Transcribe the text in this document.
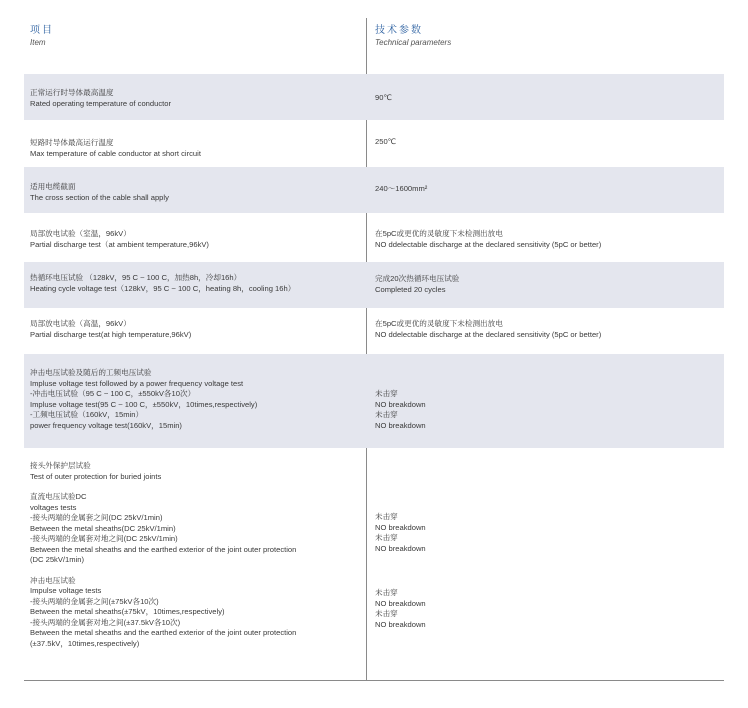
项目
Item
技术参数
Technical parameters
正常运行时导体最高温度
Rated operating temperature of conductor
90℃
短路时导体最高运行温度
Max temperature of cable conductor at short circuit
250℃
适用电缆截面
The cross section of the cable shall apply
240～1600mm²
局部放电试验（室温，96kV）
Partial discharge test（at ambient temperature,96kV)
在5pC或更优的灵敏度下未检测出放电
NO ddelectable discharge at the declared sensitivity (5pC or better)
热循环电压试验 （128kV，95 C ~ 100 C，加热8h，冷却16h）
Heating cycle voltage test（128kV，95 C ~ 100 C，heating 8h，cooling 16h）
完成20次热循环电压试验
Completed 20 cycles
局部放电试验（高温，96kV）
Partial discharge test(at high temperature,96kV)
在5pC或更优的灵敏度下未检测出放电
NO ddelectable discharge at the declared sensitivity (5pC or better)
冲击电压试验及随后的工频电压试验
Impluse voltage test followed by a power frequency voltage test
-冲击电压试验（95 C ~ 100 C，±550kV各10次）
Impluse voltage test(95 C ~ 100 C，±550kV，10times,respectively)
-工频电压试验（160kV，15min）
power frequency voltage test(160kV，15min)
未击穿
NO breakdown
未击穿
NO breakdown
接头外保护层试验
Test of outer protection for buried joints
直流电压试验DC
voltages tests
-接头两端的金属套之间(DC 25kV/1min)
Between the metal sheaths(DC 25kV/1min)
-接头两端的金属套对地之间(DC 25kV/1min)
Between the metal sheaths and the earthed exterior of the joint outer protection
(DC 25kV/1min)
冲击电压试验
Impulse voltage tests
-接头两端的金属套之间(±75kV各10次)
Between the metal sheaths(±75kV，10times,respectively)
-接头两端的金属套对地之间(±37.5kV各10次)
Between the metal sheaths and the earthed exterior of the joint outer protection
(±37.5kV，10times,respectively)
未击穿
NO breakdown
未击穿
NO breakdown
未击穿
NO breakdown
未击穿
NO breakdown
